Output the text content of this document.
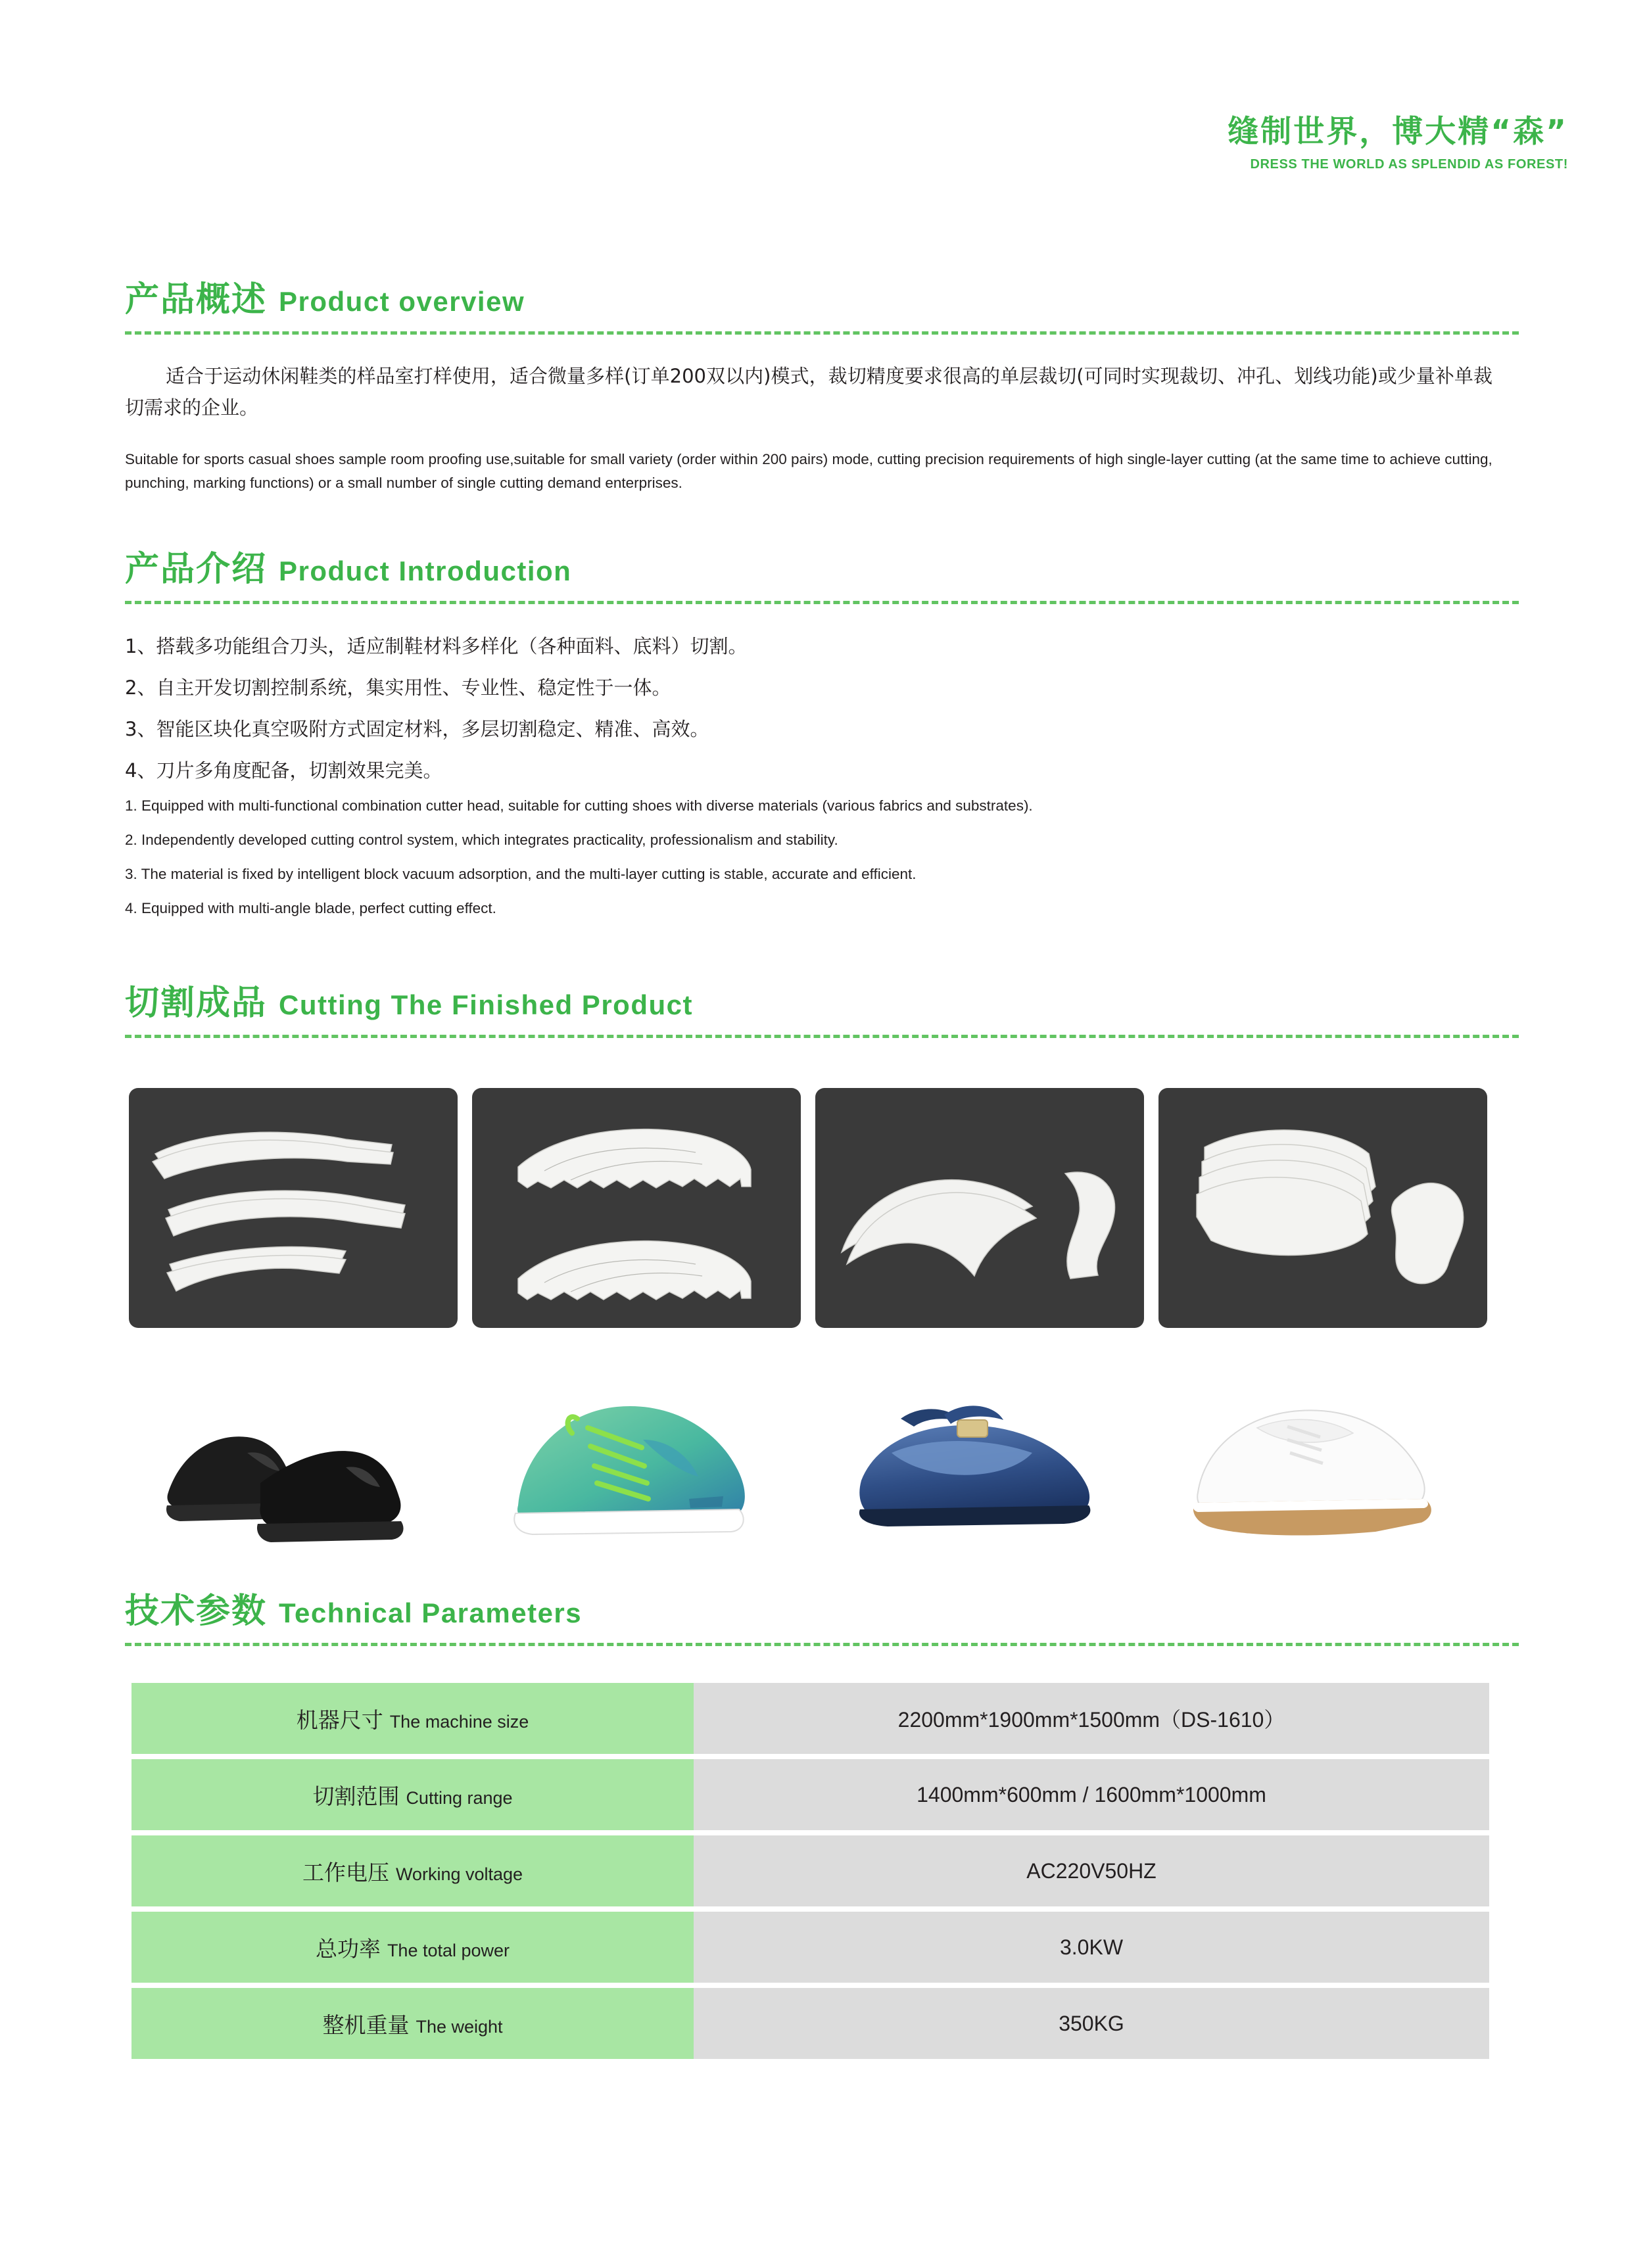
缝制世界，博大精“森”
DRESS THE WORLD AS SPLENDID AS FOREST!
产品概述 Product overview
适合于运动休闲鞋类的样品室打样使用，适合微量多样(订单200双以内)模式，裁切精度要求很高的单层裁切(可同时实现裁切、冲孔、划线功能)或少量补单裁切需求的企业。
Suitable for sports casual shoes sample room proofing use,suitable for small variety (order within 200 pairs) mode, cutting precision requirements of high single-layer cutting (at the same time to achieve cutting, punching, marking functions) or a small number of single cutting demand enterprises.
产品介绍 Product Introduction

1、搭载多功能组合刀头，适应制鞋材料多样化（各种面料、底料）切割。

2、自主开发切割控制系统，集实用性、专业性、稳定性于一体。

3、智能区块化真空吸附方式固定材料，多层切割稳定、精准、高效。

4、刀片多角度配备，切割效果完美。

1. Equipped with multi-functional combination cutter head, suitable for cutting shoes with diverse materials (various fabrics and substrates).

2. Independently developed cutting control system, which integrates practicality, professionalism and stability.

3. The material is fixed by intelligent block vacuum adsorption, and the multi-layer cutting is stable, accurate and efficient.

4. Equipped with multi-angle blade, perfect cutting effect.

切割成品 Cutting The Finished Product
技术参数 Technical Parameters
机器尺寸 The machine size	2200mm*1900mm*1500mm（DS-1610）
切割范围 Cutting range	1400mm*600mm / 1600mm*1000mm
工作电压 Working voltage	AC220V50HZ
总功率 The total power	3.0KW
整机重量 The weight	350KG
